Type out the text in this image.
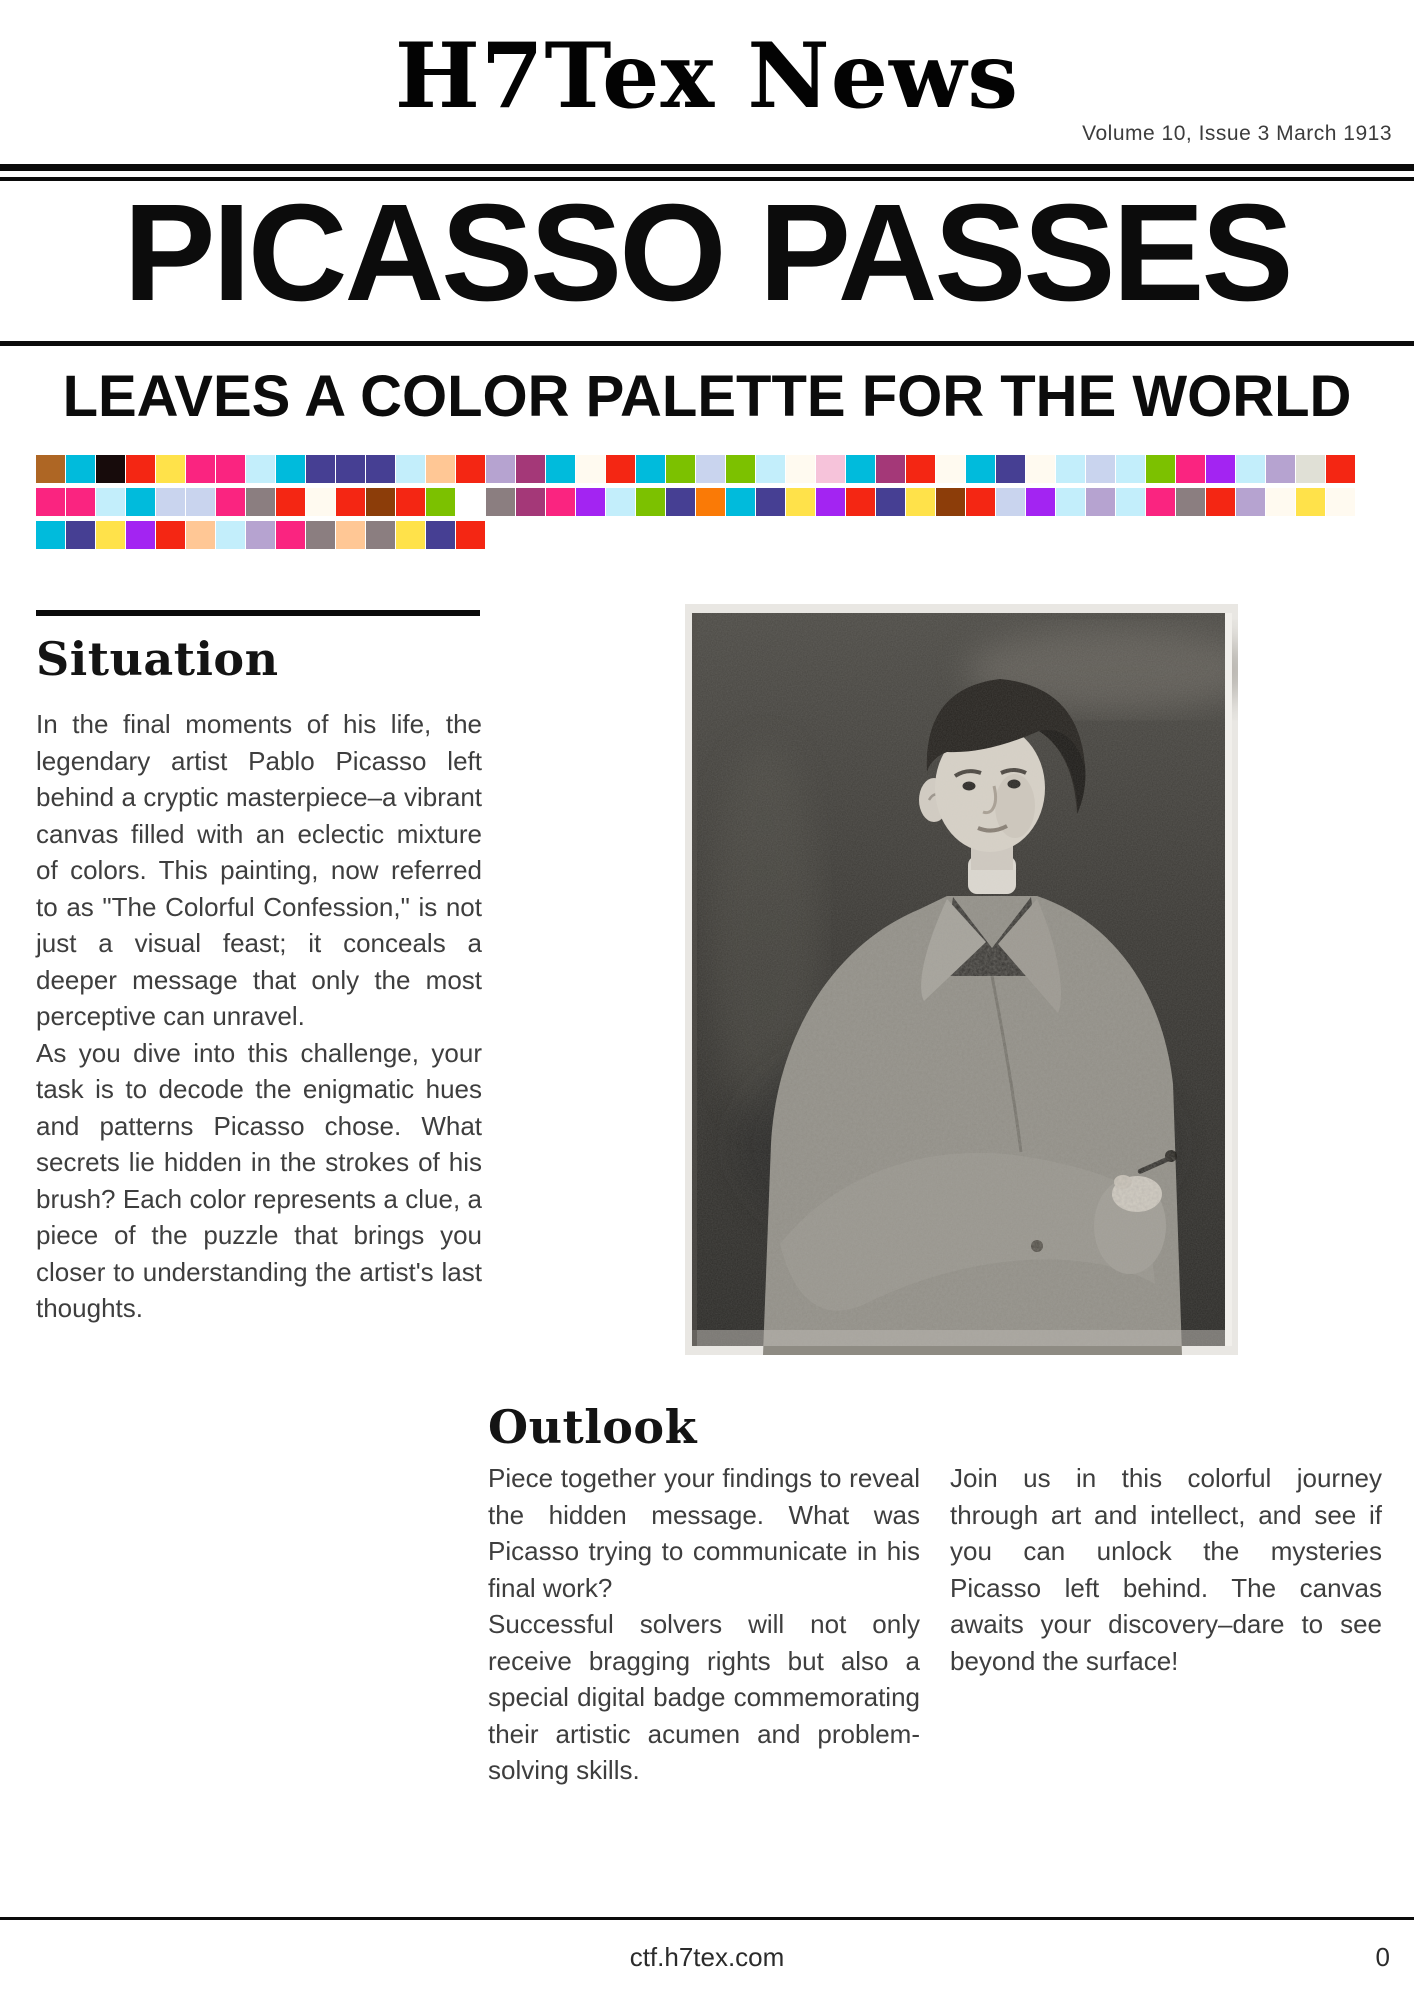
H7Tex News
Volume 10, Issue 3 March 1913
PICASSO PASSES
LEAVES A COLOR PALETTE FOR THE WORLD
Situation

In the final moments of his life, the legendary artist Pablo Picasso left behind a cryptic masterpiece–a vibrant canvas filled with an eclectic mixture of colors. This painting, now referred to as "The Colorful Confession," is not just a visual feast; it conceals a deeper message that only the most perceptive can unravel.

As you dive into this challenge, your task is to decode the enigmatic hues and patterns Picasso chose. What secrets lie hidden in the strokes of his brush? Each color represents a clue, a piece of the puzzle that brings you closer to understanding the artist's last thoughts.

Outlook

Piece together your findings to reveal the hidden message. What was Picasso trying to communicate in his final work?

Successful solvers will not only receive bragging rights but also a special digital badge commemorating their artistic acumen and problem-solving skills.

Join us in this colorful journey through art and intellect, and see if you can unlock the mysteries Picasso left behind. The canvas awaits your discovery–dare to see beyond the surface!

ctf.h7tex.com	0
